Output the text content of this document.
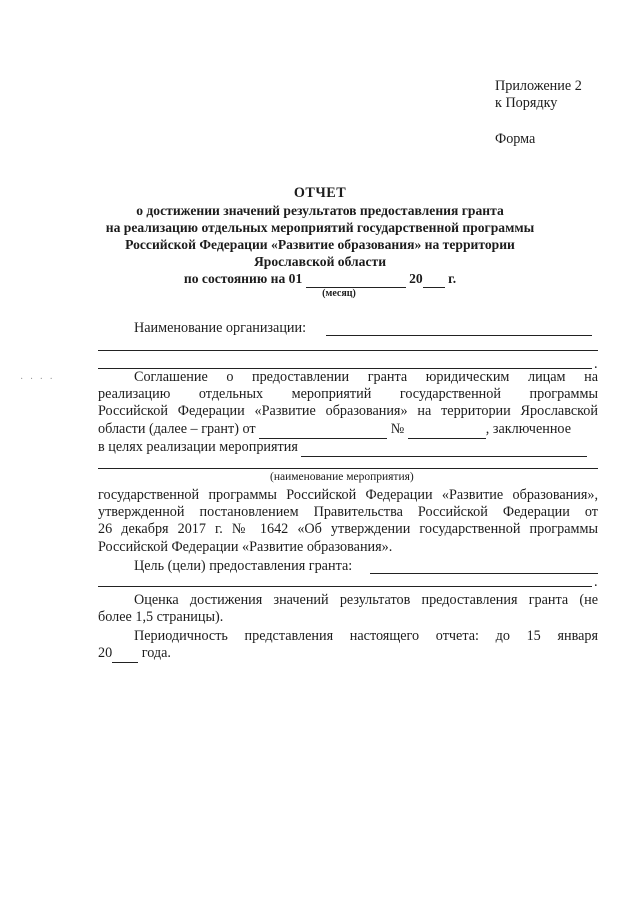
Приложение 2
к Порядку
Форма
ОТЧЕТ
о достижении значений результатов предоставления гранта
на реализацию отдельных мероприятий государственной программы
Российской Федерации «Развитие образования» на территории
Ярославской области
по состоянию на 01	20 г.
(месяц)
Наименование организации:
.
· · · ·	Соглашение о предоставлении гранта юридическим лицам на
реализацию отдельных мероприятий государственной программы
Российской Федерации «Развитие образования» на территории Ярославской
области (далее – грант) от	№	, заключенное
в целях реализации мероприятия
(наименование мероприятия)
государственной программы Российской Федерации «Развитие образования»,
утвержденной постановлением Правительства Российской Федерации от
26 декабря 2017 г. № 1642 «Об утверждении государственной программы
Российской Федерации «Развитие образования».
Цель (цели) предоставления гранта:
.
Оценка достижения значений результатов предоставления гранта (не
более 1,5 страницы).
Периодичность представления настоящего отчета: до 15 января
20 года.
